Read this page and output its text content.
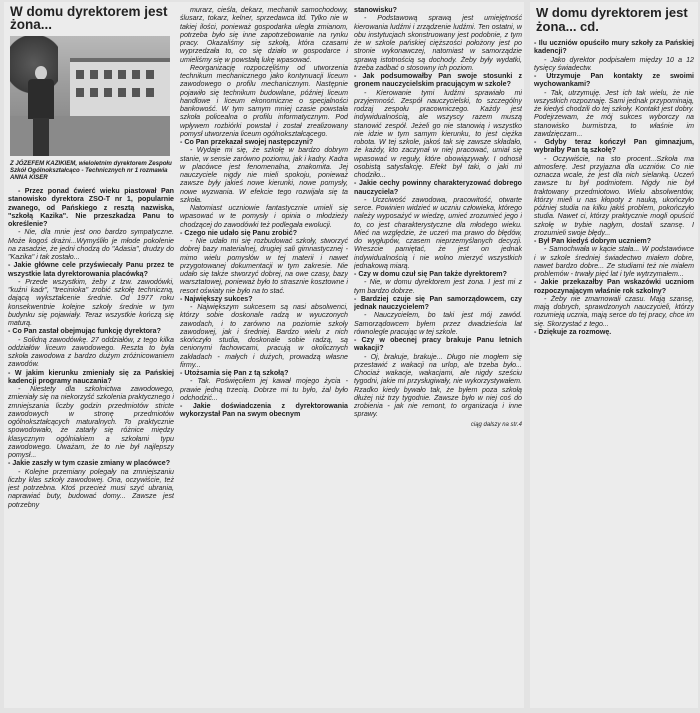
W domu dyrektorem jest żona...
Z JÓZEFEM KAZIKIEM, wieloletnim dyrektorem Zespołu Szkół Ogólnokształcąco - Technicznych nr 1 rozmawia ANNA KISER

- Przez ponad ćwierć wieku piastował Pan stanowisko dyrektora ZSO-T nr 1, popularnie zwanego, od Pańskiego z resztą nazwiska, "szkołą Kazika". Nie przeszkadza Panu to określenie?

- Nie, dla mnie jest ono bardzo sympatyczne. Może kogoś drażni...Wymyśliło je młode pokolenie na zasadzie, że jedni chodzą do "Adasia", drudzy do "Kazika" i tak zostało...

- Jakie główne cele przyświecały Panu przez te wszystkie lata dyrektorowania placówką?

- Przede wszystkim, żeby z tzw. zawodówki, "kuźni kadr", "trecinioka" zrobić szkołę techniczną, dającą wykształcenie średnie. Od 1977 roku konsekwentnie kolejne szkoły średnie w tym budynku się pojawiały. Teraz wszystkie kończą się maturą.

- Co Pan zastał obejmując funkcję dyrektora?

- Solidną zawodówkę. 27 oddziałów, z tego kilka oddziałów liceum zawodowego. Reszta to była szkoła zawodowa z bardzo dużym zróżnicowaniem zawodów.

- W jakim kierunku zmieniały się za Pańskiej kadencji programy nauczania?

- Niestety dla szkolnictwa zawodowego, zmieniały się na niekorzyść szkolenia praktycznego i zmniejszania liczby godzin przedmiotów stricte zawodowych w stronę przedmiotów ogólnokształcących maturalnych. To praktycznie spowodowało, że zatarły się różnice między klasycznym ogólniakiem a szkołami typu zawodowego. Uważam, że to nie był najlepszy pomysł...

- Jakie zaszły w tym czasie zmiany w placówce?

- Kolejne przemiany polegały na zmniejszaniu liczby klas szkoły zawodowej. Ona, oczywiście, też jest potrzebna. Ktoś przecież musi szyć ubrania, naprawiać buty, budować domy... Zawsze jest potrzebny

murarz, cieśla, dekarz, mechanik samochodowy, ślusarz, tokarz, kelner, sprzedawca itd. Tylko nie w takiej ilości, ponieważ gospodarka uległa zmianom, potrzeba było się inne zapotrzebowanie na rynku pracy. Okazaliśmy się szkołą, która czasami wyprzedzała to, co się działo w gospodarce i umieliśmy się w powstałą lukę wpasować.

Reorganizację rozpoczęliśmy od utworzenia technikum mechanicznego jako kontynuacji liceum zawodowego o profilu mechanicznym. Następnie pojawiło się technikum budowlane, później liceum handlowe i liceum ekonomiczne o specjalności bankowość. W tym samym mniej czasie powstała szkoła policealna o profilu informatycznym. Pod wpływem rozbiórki powstał i został zrealizowany pomysł utworzenia liceum ogólnokształcącego.

- Co Pan przekazał swojej następczyni?

- Wydaje mi się, że szkołę w bardzo dobrym stanie, w sensie zarówno poziomu, jak i kadry. Kadra w placówce jest fenomenalna, znakomita. Jej nauczyciele nigdy nie mieli spokoju, ponieważ zawsze były jakieś nowe kierunki, nowe pomysły, nowe wyzwania. W efekcie tego rozwijała się ta szkoła.

Natomiast uczniowie fantastycznie umieli się wpasować w te pomysły i opinia o młodzieży chodzącej do zawodówki też podlegała ewolucji.

- Czego nie udało się Panu zrobić?

- Nie udało mi się rozbudować szkoły, stworzyć dobrej bazy materialnej, drugiej sali gimnastycznej - mimo wielu pomysłów w tej materii i nawet przygotowanej dokumentacji w tym zakresie. Nie udało się także stworzyć dobrej, na owe czasy, bazy warsztatowej, ponieważ było to strasznie kosztowne i resort oświaty nie było na to stać.

- Największy sukces?

- Największym sukcesem są nasi absolwenci, którzy sobie doskonale radzą w wyuczonych zawodach, i to zarówno na poziomie szkoły zawodowej, jak i średniej. Bardzo wielu z nich skończyło studia, doskonale sobie radzą, są cenionymi fachowcami, pracują w okolicznych zakładach - małych i dużych, prowadzą własne firmy...

- Utożsamia się Pan z tą szkołą?

- Tak. Poświęciłem jej kawał mojego życia - prawie jedną trzecią. Dobrze mi tu było, żal było odchodzić...

- Jakie doświadczenia z dyrektorowania wykorzystał Pan na swym obecnym

stanowisku?

- Podstawową sprawą jest umiejętność kierowania ludźmi i zrządzenie ludźmi. Ten ostatni, w obu instytucjach skonstruowany jest podobnie, z tym że w szkole pańskiej cięższości położony jest po stronie wykonawczej, natomiast w samorządzie sprawą istotnością są dochody. Żeby były wydatki, trzeba zadbać o stosowny ich poziom.

- Jak podsumowałby Pan swoje stosunki z gronem nauczycielskim pracującym w szkole?

- Kierowanie tymi ludźmi sprawiało mi przyjemność. Zespół nauczycielski, to szczególny rodzaj zespołu pracowniczego. Każdy jest indywidualnością, ale wszyscy razem muszą stanowić zespół. Jeżeli go nie stanowią i wszystko nie idzie w tym samym kierunku, to jest ciężka robota. W tej szkole, jakoś tak się zawsze składało, że każdy, kto zaczynał w niej pracować, umiał się wpasować w reguły, które obowiązywały. I odnosił osobistą satysfakcję. Efekt był taki, o jaki mi chodziło...

- Jakie cechy powinny charakteryzować dobrego nauczyciela?

- Uczciwość zawodowa, pracowitość, otwarte serce. Powinien widzieć w uczniu człowieka, którego należy wyposażyć w wiedzę, umieć zrozumieć jego i to, co jest charakterystyczne dla młodego wieku. Mieć na względzie, że uczeń ma prawo do błędów, do wygłupów, czasem nieprzemyślanych decyzji. Wreszcie pamiętać, że jest on jednak indywidualnością i nie wolno mierzyć wszystkich jednakową miarą.

- Czy w domu czuł się Pan także dyrektorem?

- Nie, w domu dyrektorem jest żona. I jest mi z tym bardzo dobrze.

- Bardziej czuje się Pan samorządowcem, czy jednak nauczycielem?

- Nauczycielem, bo taki jest mój zawód. Samorządowcem byłem przez dwadzieścia lat równolegle pracując w tej szkole.

- Czy w obecnej pracy brakuje Panu letnich wakacji?

- Oj, brakuje, brakuje... Długo nie mogłem się przestawić z wakacji na urlop, ale trzeba było... Chociaż wakacje, wakacjami, ale nigdy sześciu tygodni, jakie mi przysługiwały, nie wykorzystywałem. Rzadko kiedy bywało tak, że byłem poza szkołą dłużej niż trzy tygodnie. Zawsze było w niej coś do zrobienia - jak nie remont, to organizacja i inne sprawy.

ciąg dalszy na str.4
W domu dyrektorem jest żona... cd.

- Ilu uczniów opuściło mury szkoły za Pańskiej kadencji?

- Jako dyrektor podpisałem między 10 a 12 tysięcy świadectw.

- Utrzymuje Pan kontakty ze swoimi wychowankami?

- Tak, utrzymuję. Jest ich tak wielu, że nie wszystkich rozpoznaję. Sami jednak przypominają, że kiedyś chodzili do tej szkoły. Kontakt jest dobry. Podejrzewam, że mój sukces wyborczy na stanowisko burmistrza, to właśnie im zawdzięczam...

- Gdyby teraz kończył Pan gimnazjum, wybrałby Pan tą szkołę?

- Oczywiście, na sto procent...Szkoła ma atmosferę. Jest przyjazna dla uczniów. Co nie oznacza wcale, że jest dla nich sielanką. Uczeń zawsze tu był podmiotem. Nigdy nie był traktowany przedmiotowo. Wielu absolwentów, którzy mieli u nas kłopoty z nauką, ukończyło później studia na kilku jakiś problem, pokończyło studia. Nawet ci, którzy praktycznie mogli opuścić szkołę w trybie nagłym, dostali szansę. I zrozumieli swoje błędy...

- Był Pan kiedyś dobrym uczniem?

- Samochwała w kącie stała... W podstawówce i w szkole średniej świadectwo miałem dobre, nawet bardzo dobre... Ze studiami też nie miałem problemów - trwały pięć lat i tyle wytrzymałem...

- Jakie przekazałby Pan wskazówki uczniom rozpoczynającym właśnie rok szkolny?

- Żeby nie zmarnowali czasu. Mają szansę, mają dobrych, sprawdzonych nauczycieli, którzy rozumieją ucznia, mają serce do tej pracy, chce im się. Skorzystać z tego...

- Dziękuje za rozmowę.
